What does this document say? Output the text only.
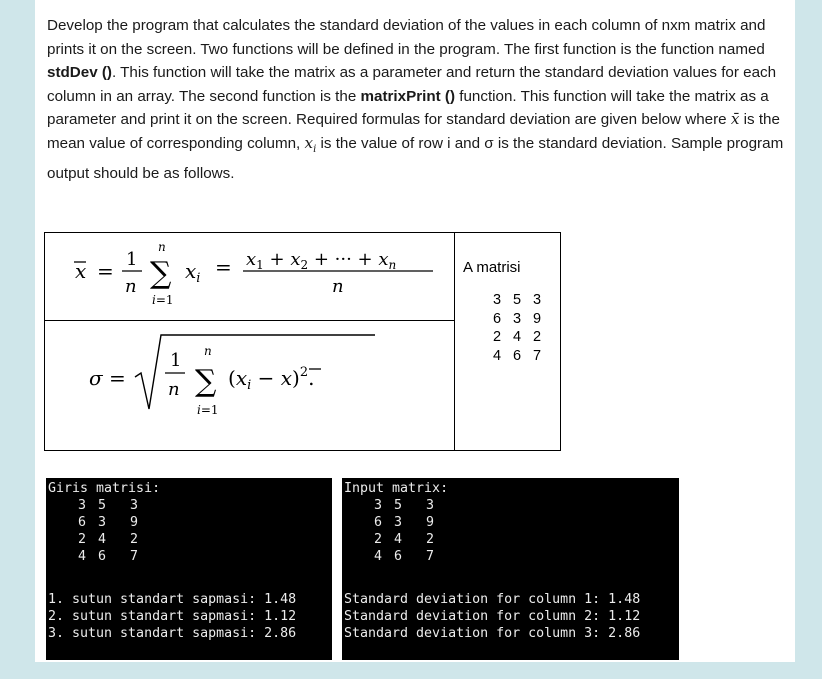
Develop the program that calculates the standard deviation of the values in each column of nxm matrix and prints it on the screen. Two functions will be defined in the program. The first function is the function named stdDev (). This function will take the matrix as a parameter and return the standard deviation values for each column in an array. The second function is the matrixPrint () function. This function will take the matrix as a parameter and print it on the screen. Required formulas for standard deviation are given below where x̄ is the mean value of corresponding column, $x_i$ is the value of row i and σ is the standard deviation. Sample program output should be as follows.
x = 1
n
n
∑
i=1
$x_i = x_1 + x_2$ + ··· + $x_n$
n

A matrisi
3 5 3
6 3 9
2 4 2
4 6 7

σ =
1
n
n
∑
i=1
$(x_i - x)^2$.
Giris matrisi:
3 5 3
6 3 9
2 4 2
4 6 7
1. sutun standart sapmasi: 1.48
2. sutun standart sapmasi: 1.12
3. sutun standart sapmasi: 2.86
Input matrix:
3 5 3
6 3 9
2 4 2
4 6 7
Standard deviation for column 1: 1.48
Standard deviation for column 2: 1.12
Standard deviation for column 3: 2.86
